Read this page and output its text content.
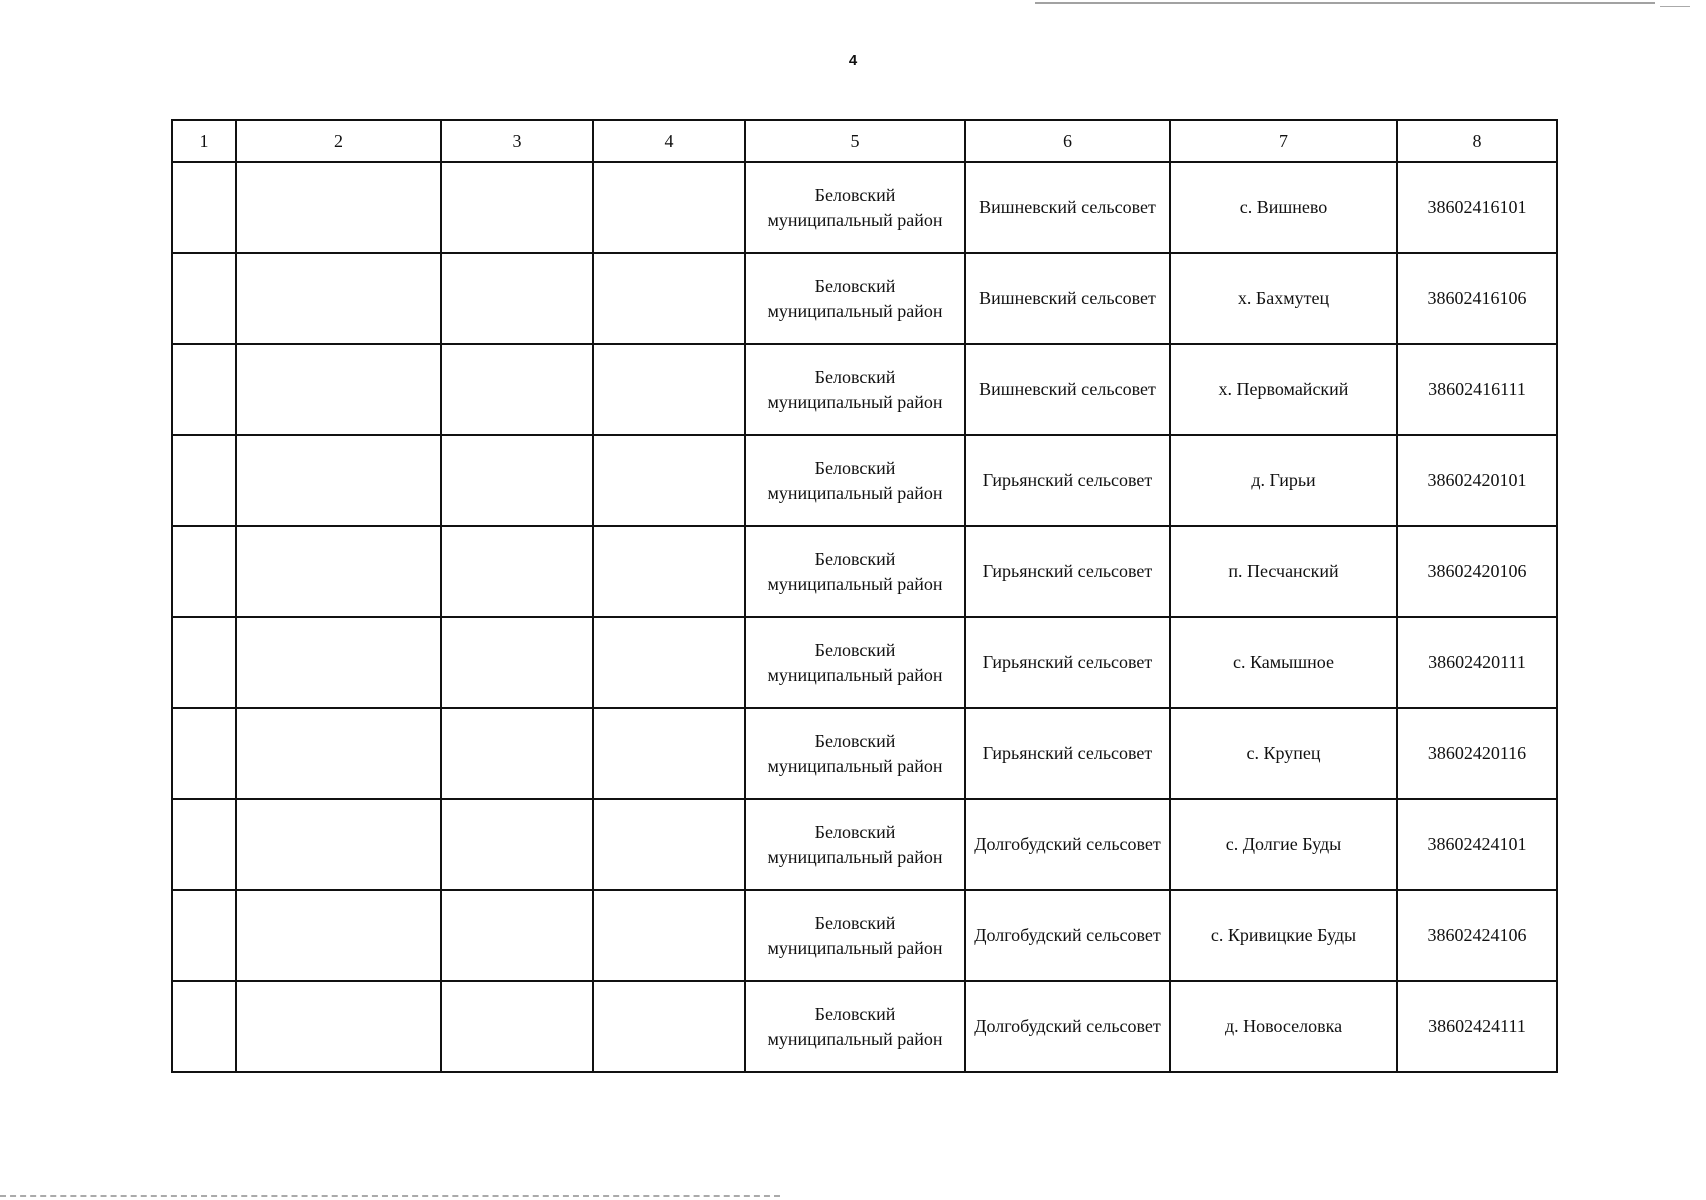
4
1	2	3	4	5	6	7	8
				Беловский муниципальный район	Вишневский сельсовет	с. Вишнево	38602416101
				Беловский муниципальный район	Вишневский сельсовет	х. Бахмутец	38602416106
				Беловский муниципальный район	Вишневский сельсовет	х. Первомайский	38602416111
				Беловский муниципальный район	Гирьянский сельсовет	д. Гирьи	38602420101
				Беловский муниципальный район	Гирьянский сельсовет	п. Песчанский	38602420106
				Беловский муниципальный район	Гирьянский сельсовет	с. Камышное	38602420111
				Беловский муниципальный район	Гирьянский сельсовет	с. Крупец	38602420116
				Беловский муниципальный район	Долгобудский сельсовет	с. Долгие Буды	38602424101
				Беловский муниципальный район	Долгобудский сельсовет	с. Кривицкие Буды	38602424106
				Беловский муниципальный район	Долгобудский сельсовет	д. Новоселовка	38602424111
